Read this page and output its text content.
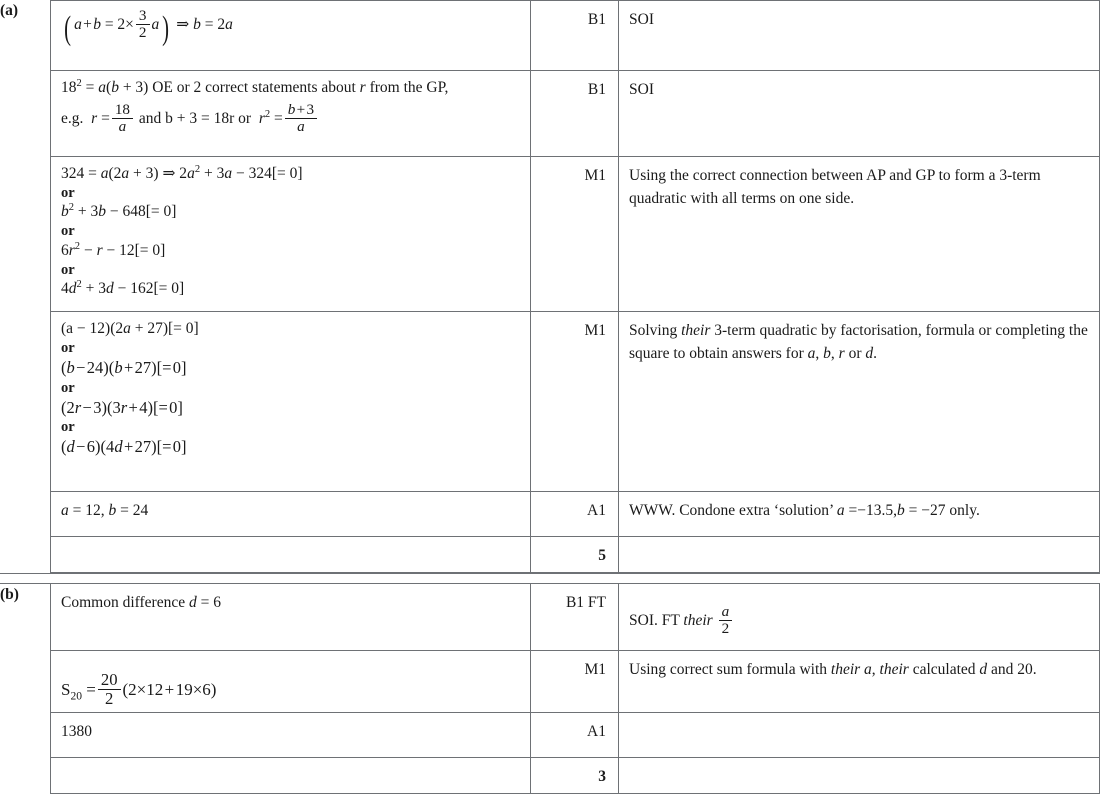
(a)	( a + $b = 2\times \frac{3}{2} a$) ⇒ b = 2a	B1	SOI

$18^2 = a(b + 3)$ OE or 2 correct statements about r from the GP,
e.g.  $r = \frac{18}{a}$ and b + 3 = 18r or  $r^2 = \frac{b + 3}{a}$

B1	SOI

324 = a(2a + 3) ⇒ $2a^2 + 3a - 324[= 0]$
or
$b^2 + 3b - 648[= 0]$
or
$6r^2 - r - 12[= 0]$
or
$4d^2 + 3d - 162[= 0]$

M1	Using the correct connection between AP and GP to form a 3-term quadratic with all terms on one side.

(a − 12)(2a + 27)[= 0]
or
(b − 24)(b + 27)[= 0]
or
(2r − 3)(3r + 4)[= 0]
or
(d − 6)(4d + 27)[= 0]

M1	Solving their 3-term quadratic by factorisation, formula or completing the square to obtain answers for a, b, r or d.

	a = 12, b = 24	A1	WWW. Condone extra ‘solution’ a =−13.5,b = −27 only.

		5	

(b)	Common difference d = 6	B1 FT	SOI. FT their $\frac{a}{2}$

	$S_{20} = \frac{20}{2} (2\times 12$ + 19×6)	M1	Using correct sum formula with their a, their calculated d and 20.

	1380	A1	

		3	
